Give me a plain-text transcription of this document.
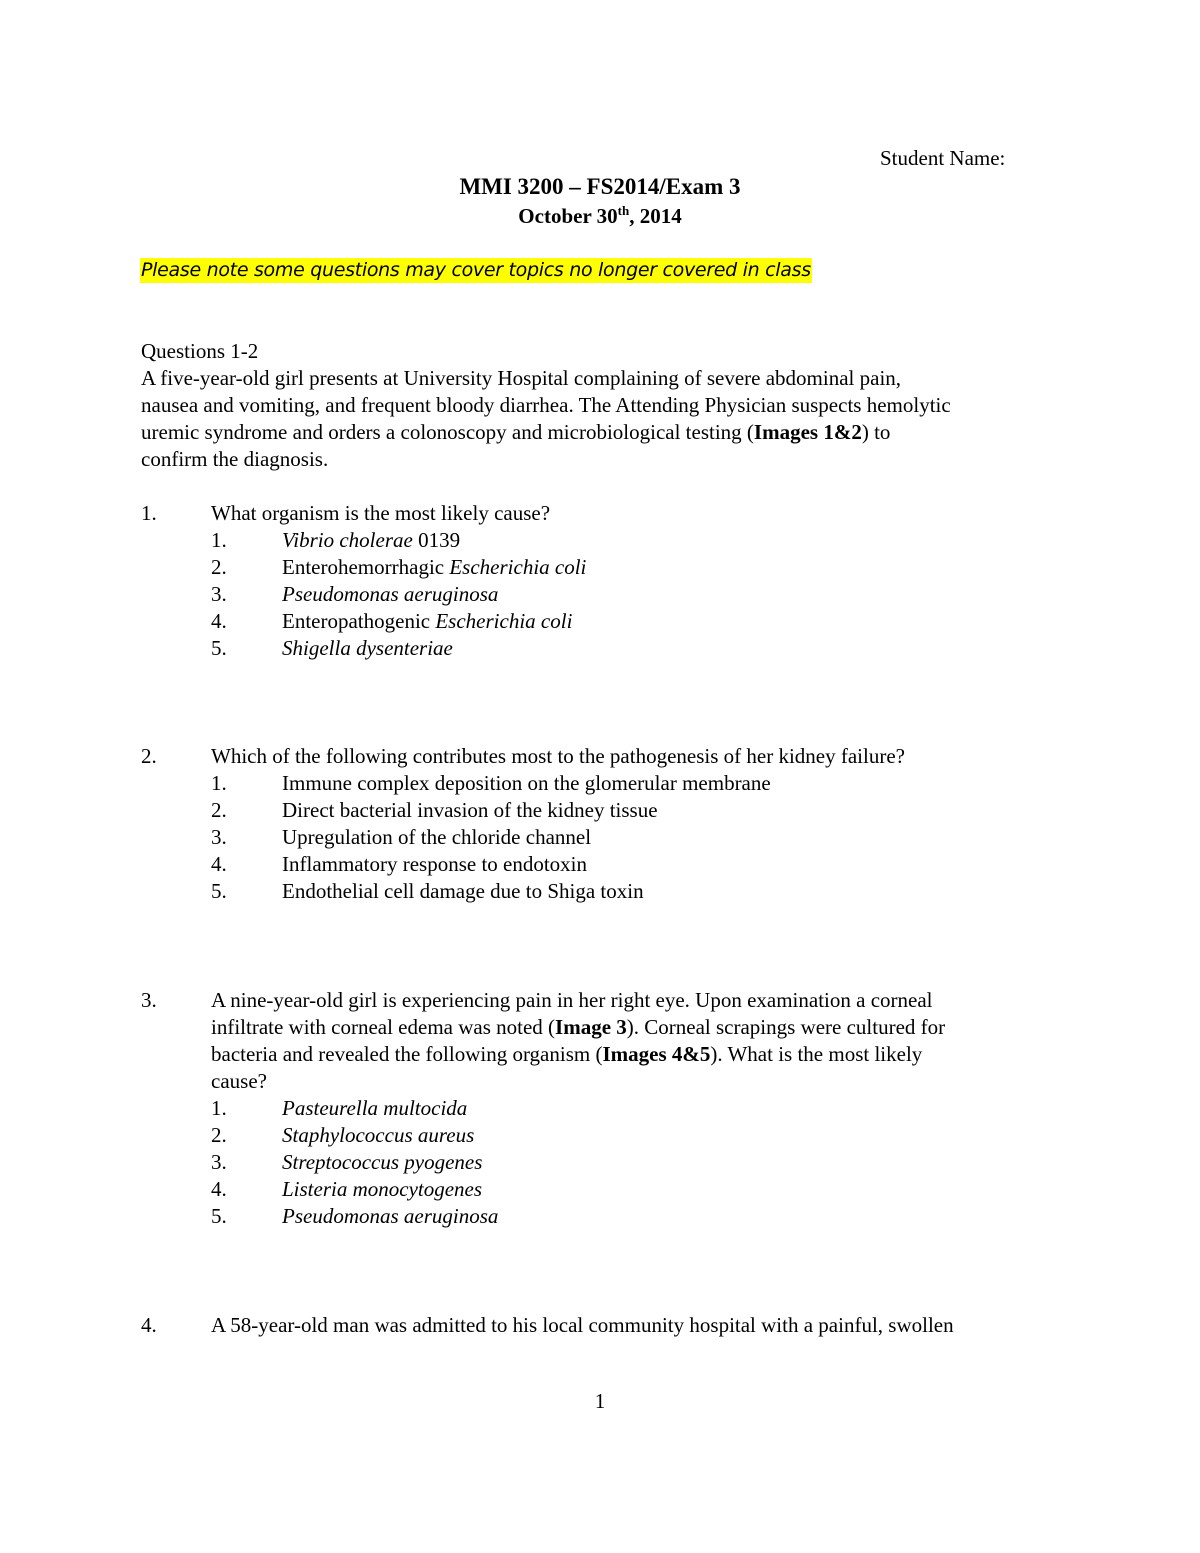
Student Name:
MMI 3200 – FS2014/Exam 3
October 30th, 2014
Please note some questions may cover topics no longer covered in class
Questions 1-2
A five-year-old girl presents at University Hospital complaining of severe abdominal pain,
nausea and vomiting, and frequent bloody diarrhea. The Attending Physician suspects hemolytic
uremic syndrome and orders a colonoscopy and microbiological testing (Images 1&2) to
confirm the diagnosis.
1.	What organism is the most likely cause?
1.	Vibrio cholerae 0139
2.	Enterohemorrhagic Escherichia coli
3.	Pseudomonas aeruginosa
4.	Enteropathogenic Escherichia coli
5.	Shigella dysenteriae
2.	Which of the following contributes most to the pathogenesis of her kidney failure?
1.	Immune complex deposition on the glomerular membrane
2.	Direct bacterial invasion of the kidney tissue
3.	Upregulation of the chloride channel
4.	Inflammatory response to endotoxin
5.	Endothelial cell damage due to Shiga toxin
3.	A nine-year-old girl is experiencing pain in her right eye. Upon examination a corneal
infiltrate with corneal edema was noted (Image 3). Corneal scrapings were cultured for
bacteria and revealed the following organism (Images 4&5). What is the most likely
cause?
1.	Pasteurella multocida
2.	Staphylococcus aureus
3.	Streptococcus pyogenes
4.	Listeria monocytogenes
5.	Pseudomonas aeruginosa
4.	A 58-year-old man was admitted to his local community hospital with a painful, swollen
1
